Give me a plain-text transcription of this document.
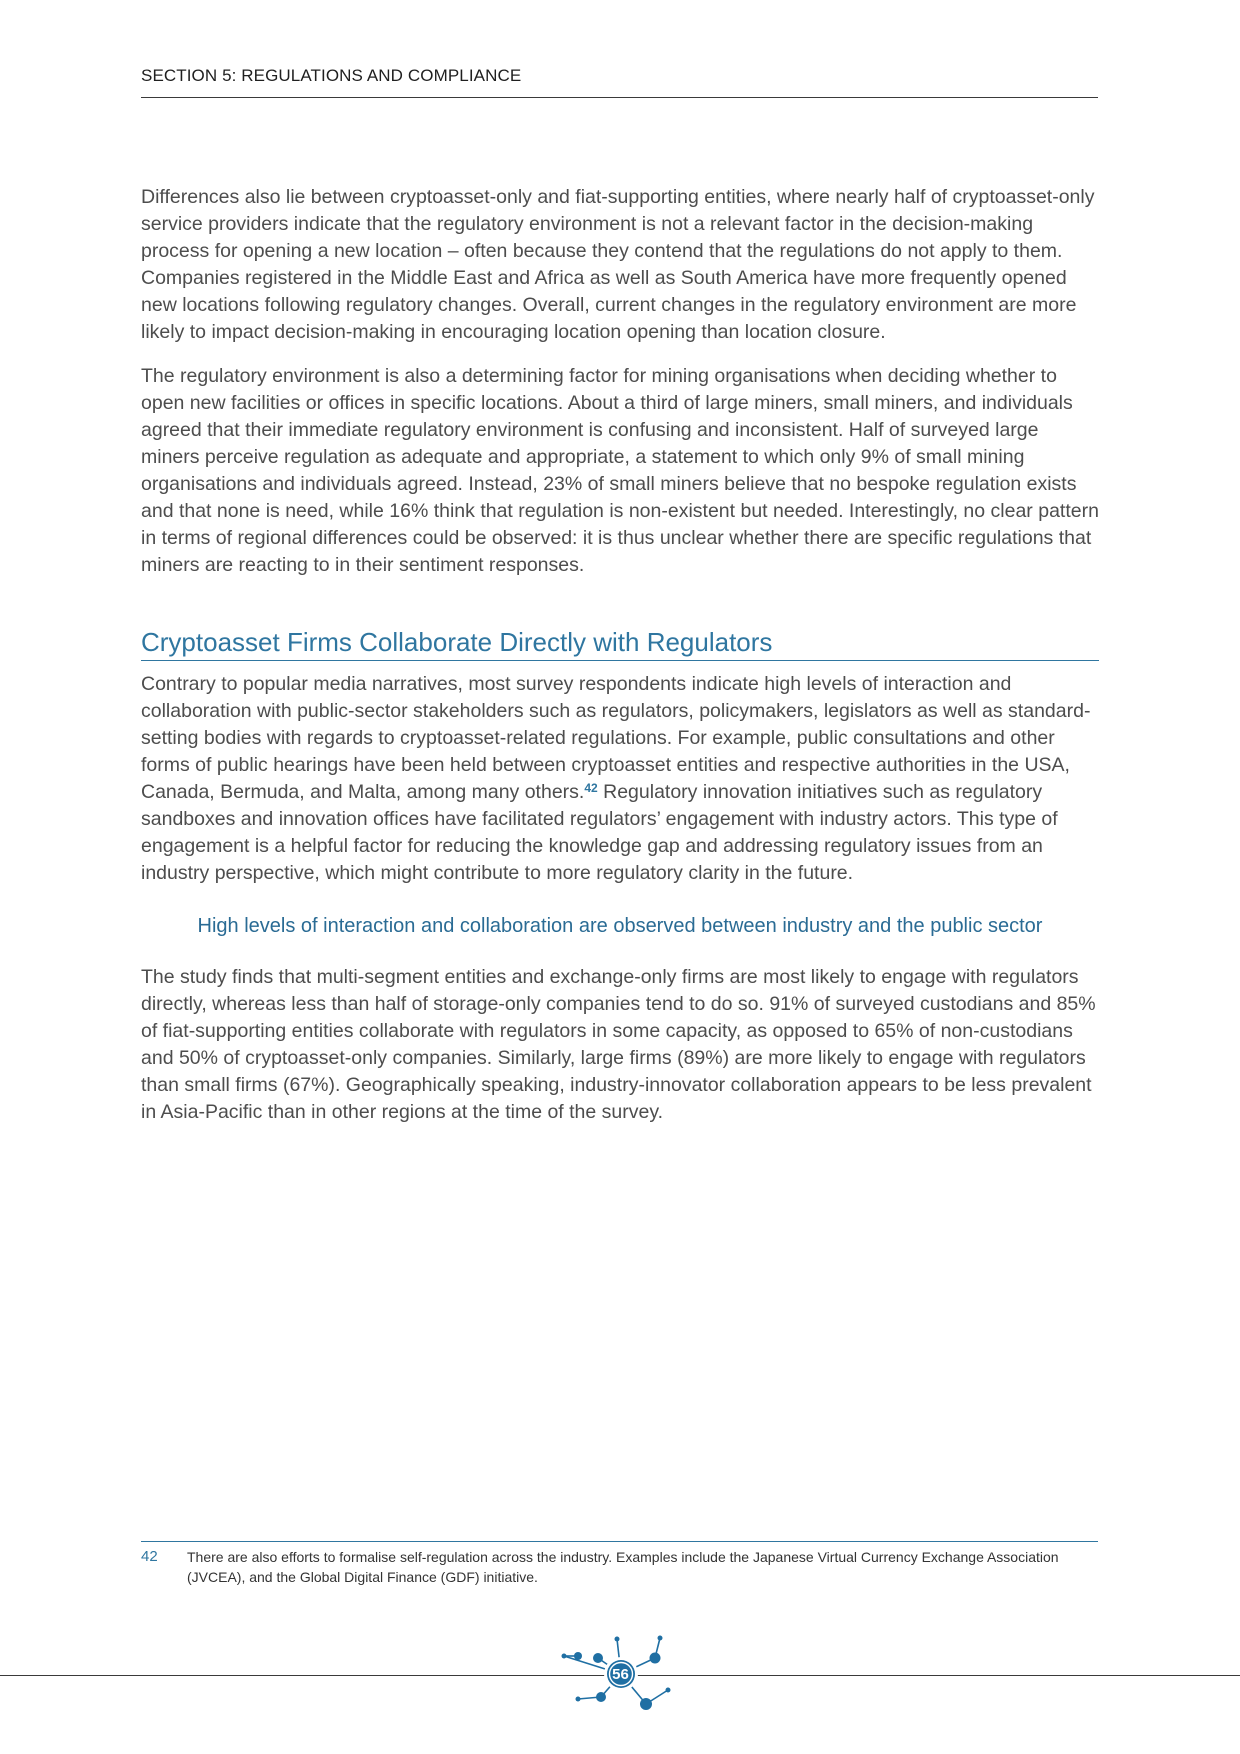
SECTION 5: REGULATIONS AND COMPLIANCE

Differences also lie between cryptoasset-only and fiat-supporting entities, where nearly half of cryptoasset-only service providers indicate that the regulatory environment is not a relevant factor in the decision-making process for opening a new location – often because they contend that the regulations do not apply to them. Companies registered in the Middle East and Africa as well as South America have more frequently opened new locations following regulatory changes. Overall, current changes in the regulatory environment are more likely to impact decision-making in encouraging location opening than location closure.

The regulatory environment is also a determining factor for mining organisations when deciding whether to open new facilities or offices in specific locations. About a third of large miners, small miners, and individuals agreed that their immediate regulatory environment is confusing and inconsistent. Half of surveyed large miners perceive regulation as adequate and appropriate, a statement to which only 9% of small mining organisations and individuals agreed. Instead, 23% of small miners believe that no bespoke regulation exists and that none is need, while 16% think that regulation is non-existent but needed. Interestingly, no clear pattern in terms of regional differences could be observed: it is thus unclear whether there are specific regulations that miners are reacting to in their sentiment responses.

Cryptoasset Firms Collaborate Directly with Regulators

Contrary to popular media narratives, most survey respondents indicate high levels of interaction and collaboration with public-sector stakeholders such as regulators, policymakers, legislators as well as standard-setting bodies with regards to cryptoasset-related regulations. For example, public consultations and other forms of public hearings have been held between cryptoasset entities and respective authorities in the USA, Canada, Bermuda, and Malta, among many others.$^{42}$ Regulatory innovation initiatives such as regulatory sandboxes and innovation offices have facilitated regulators’ engagement with industry actors. This type of engagement is a helpful factor for reducing the knowledge gap and addressing regulatory issues from an industry perspective, which might contribute to more regulatory clarity in the future.

High levels of interaction and collaboration are observed between industry and the public sector

The study finds that multi-segment entities and exchange-only firms are most likely to engage with regulators directly, whereas less than half of storage-only companies tend to do so. 91% of surveyed custodians and 85% of fiat-supporting entities collaborate with regulators in some capacity, as opposed to 65% of non-custodians and 50% of cryptoasset-only companies. Similarly, large firms (89%) are more likely to engage with regulators than small firms (67%). Geographically speaking, industry-innovator collaboration appears to be less prevalent in Asia-Pacific than in other regions at the time of the survey.

42	There are also efforts to formalise self-regulation across the industry. Examples include the Japanese Virtual Currency Exchange Association (JVCEA), and the Global Digital Finance (GDF) initiative.
56
